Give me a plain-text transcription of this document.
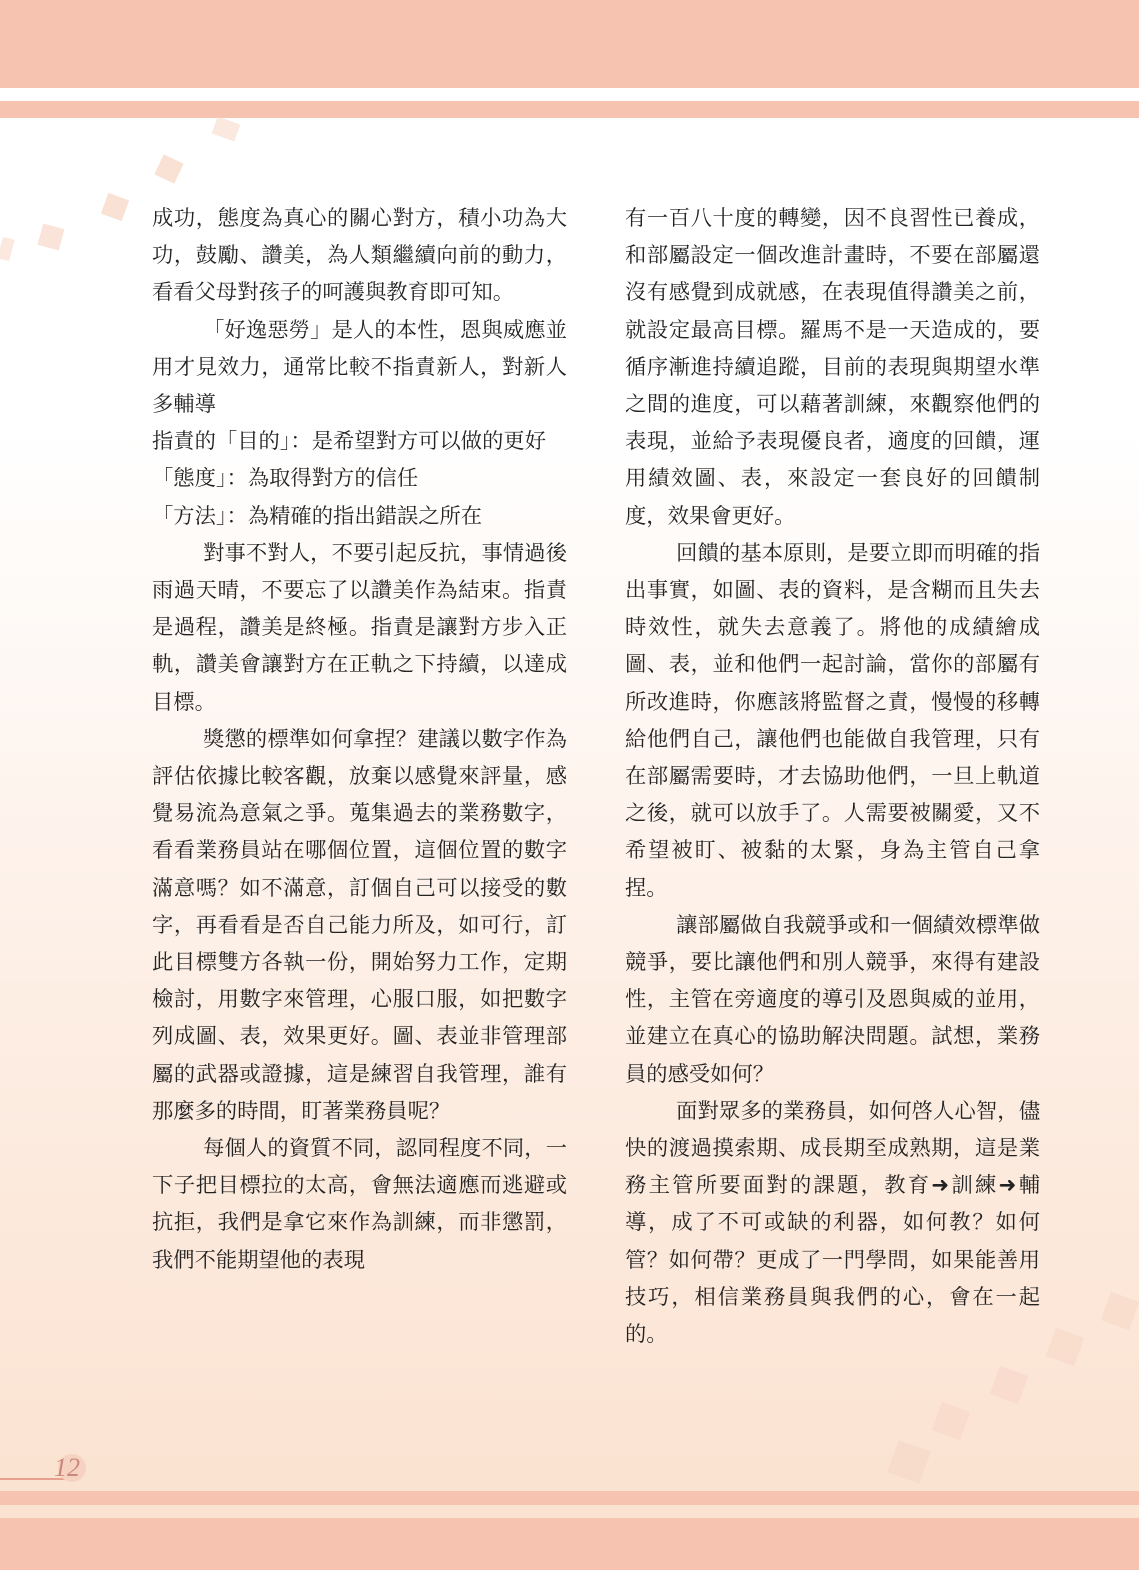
成功，態度為真心的關心對方，積小功為大功，鼓勵、讚美，為人類繼續向前的動力，看看父母對孩子的呵護與教育即可知。

「好逸惡勞」是人的本性，恩與威應並用才見效力，通常比較不指責新人，對新人多輔導

指責的「目的」：是希望對方可以做的更好

「態度」：為取得對方的信任

「方法」：為精確的指出錯誤之所在

對事不對人，不要引起反抗，事情過後雨過天晴，不要忘了以讚美作為結束。指責是過程，讚美是終極。指責是讓對方步入正軌，讚美會讓對方在正軌之下持續，以達成目標。

獎懲的標準如何拿捏？建議以數字作為評估依據比較客觀，放棄以感覺來評量，感覺易流為意氣之爭。蒐集過去的業務數字，看看業務員站在哪個位置，這個位置的數字滿意嗎？如不滿意，訂個自己可以接受的數字，再看看是否自己能力所及，如可行，訂此目標雙方各執一份，開始努力工作，定期檢討，用數字來管理，心服口服，如把數字列成圖、表，效果更好。圖、表並非管理部屬的武器或證據，這是練習自我管理，誰有那麼多的時間，盯著業務員呢？

每個人的資質不同，認同程度不同，一下子把目標拉的太高，會無法適應而逃避或抗拒，我們是拿它來作為訓練，而非懲罰，我們不能期望他的表現

有一百八十度的轉變，因不良習性已養成，和部屬設定一個改進計畫時，不要在部屬還沒有感覺到成就感，在表現值得讚美之前，就設定最高目標。羅馬不是一天造成的，要循序漸進持續追蹤，目前的表現與期望水準之間的進度，可以藉著訓練，來觀察他們的表現，並給予表現優良者，適度的回饋，運用績效圖、表，來設定一套良好的回饋制度，效果會更好。

回饋的基本原則，是要立即而明確的指出事實，如圖、表的資料，是含糊而且失去時效性，就失去意義了。將他的成績繪成圖、表，並和他們一起討論，當你的部屬有所改進時，你應該將監督之責，慢慢的移轉給他們自己，讓他們也能做自我管理，只有在部屬需要時，才去協助他們，一旦上軌道之後，就可以放手了。人需要被關愛，又不希望被盯、被黏的太緊，身為主管自己拿捏。

讓部屬做自我競爭或和一個績效標準做競爭，要比讓他們和別人競爭，來得有建設性，主管在旁適度的導引及恩與威的並用，並建立在真心的協助解決問題。試想，業務員的感受如何？

面對眾多的業務員，如何啓人心智，儘快的渡過摸索期、成長期至成熟期，這是業務主管所要面對的課題，教育➜訓練➜輔導，成了不可或缺的利器，如何教？如何管？如何帶？更成了一門學問，如果能善用技巧，相信業務員與我們的心，會在一起的。

12
